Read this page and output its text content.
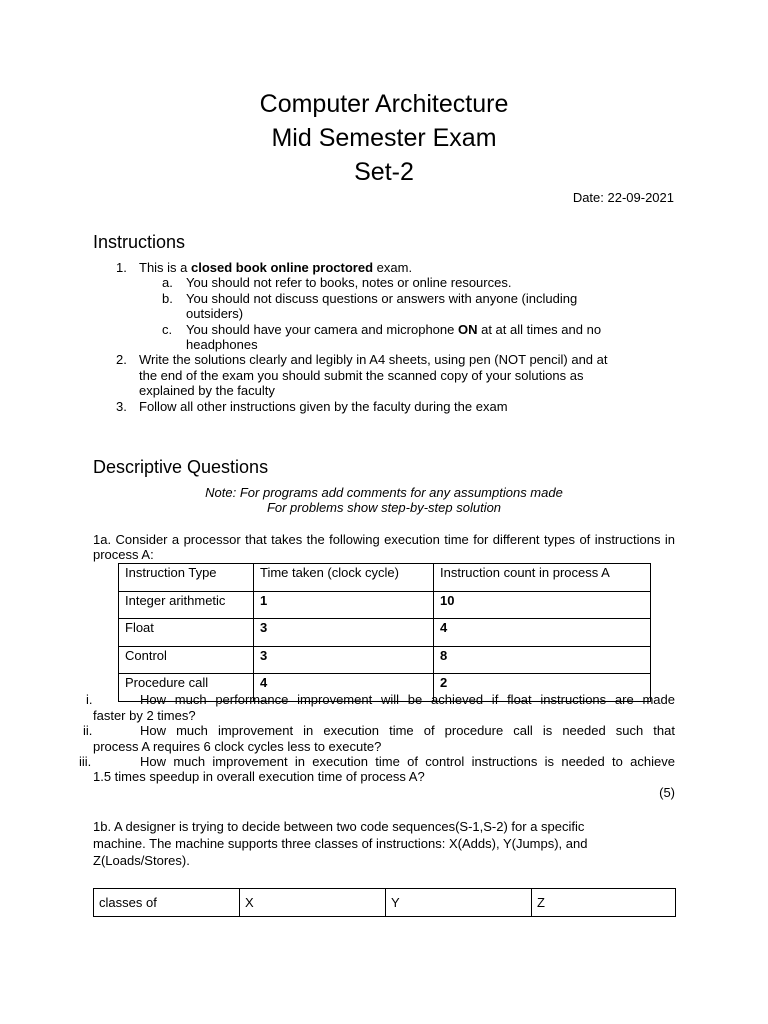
Computer Architecture
Mid Semester Exam
Set-2
Date: 22-09-2021
Instructions
1. This is a closed book online proctored exam.
a. You should not refer to books, notes or online resources.
b. You should not discuss questions or answers with anyone (including
outsiders)
c. You should have your camera and microphone ON at at all times and no
headphones
2. Write the solutions clearly and legibly in A4 sheets, using pen (NOT pencil) and at
the end of the exam you should submit the scanned copy of your solutions as
explained by the faculty
3. Follow all other instructions given by the faculty during the exam
Descriptive Questions
Note: For programs add comments for any assumptions made
For problems show step-by-step solution
1a. Consider a processor that takes the following execution time for different types of instructions in process A:
Instruction Type	Time taken (clock cycle)	Instruction count in process A
Integer arithmetic	1	10
Float	3	4
Control	3	8
Procedure call	4	2
i.	How much performance improvement will be achieved if float instructions are made
faster by 2 times?
ii.	How much improvement in execution time of procedure call is needed such that
process A requires 6 clock cycles less to execute?
iii.	How much improvement in execution time of control instructions is needed to achieve
1.5 times speedup in overall execution time of process A?
(5)
1b. A designer is trying to decide between two code sequences(S-1,S-2) for a specific
machine. The machine supports three classes of instructions: X(Adds), Y(Jumps), and
Z(Loads/Stores).
classes of	X	Y	Z
